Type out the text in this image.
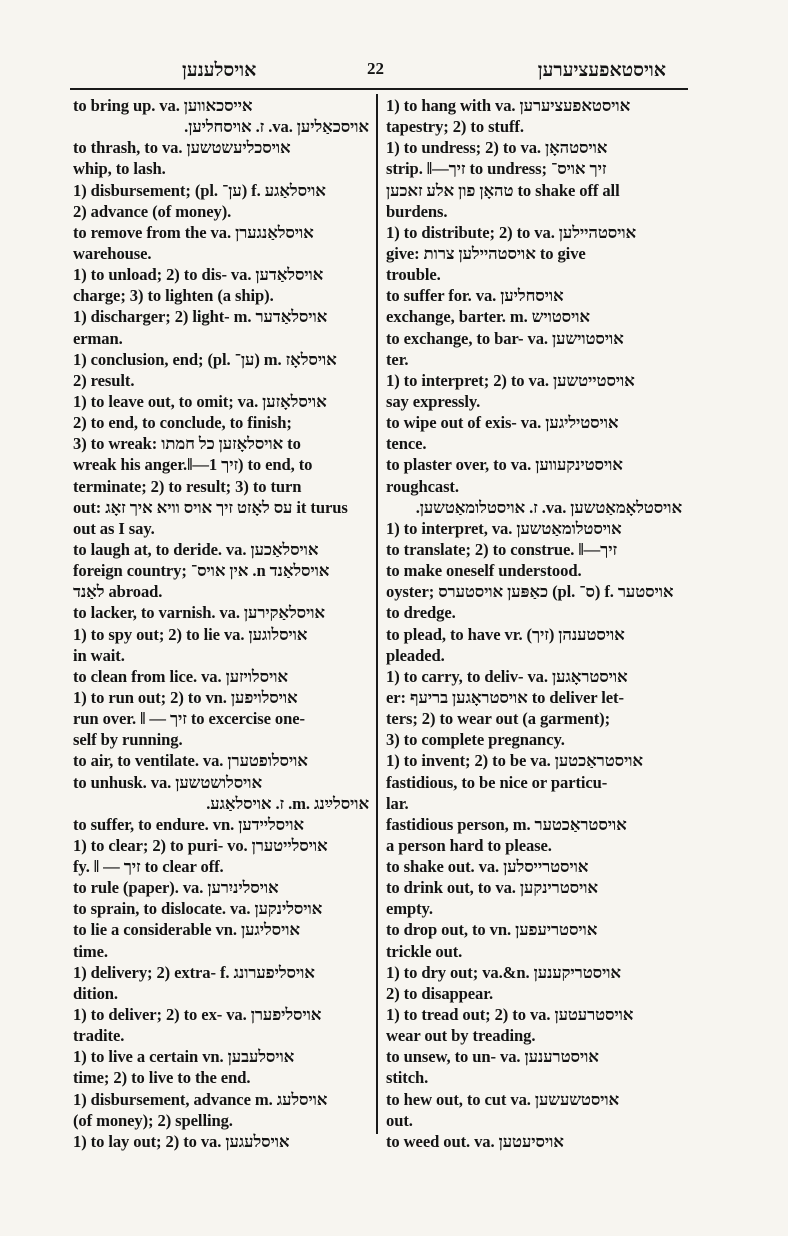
אויסלענען	22	אויסטאפעציערען
to bring up. va. אייסכאווען
אויסכאַליען .va. ז. אויסחליען.
to thrash, to va. אויסכליעשטשען
whip, to lash.
1) disbursement; (pl. ען־) f. אויסלאַגע
2) advance (of money).
to remove from the va. אויסלאַנגערן
warehouse.
1) to unload; 2) to dis- va. אויסלאַדען
charge; 3) to lighten (a ship).
1) discharger; 2) light- m. אויסלאַדער
erman.
1) conclusion, end; (pl. ען־) m. אויסלאָז
2) result.
1) to leave out, to omit; va. אויסלאָזען
2) to end, to conclude, to finish;
3) to wreak: אויסלאָזען כל חמתו to
wreak his anger.‖—זיך 1) to end, to
terminate; 2) to result; 3) to turn
out: עס לאָזט זיך אויס וויא איך זאָג it turus
out as I say.
to laugh at, to deride. va. אויסלאַכען
foreign country; אין אויס־ .n אויסלאַנד
לאַנד abroad.
to lacker, to varnish. va. אויסלאַקירען
1) to spy out; 2) to lie va. אויסלוגען
in wait.
to clean from lice. va. אויסלויזען
1) to run out; 2) to vn. אויסלויפען
run over. ‖ — זיך to excercise one-
self by running.
to air, to ventilate. va. אויסלופטערן
to unhusk. va. אויסלושטשען
אויסלײַנג .m. ז. אויסלאַגע.
to suffer, to endure. vn. אויסליידען
1) to clear; 2) to puri- vo. אויסלייטערן
fy. ‖ — זיך to clear off.
to rule (paper). va. אויסליניִרען
to sprain, to dislocate. va. אויסלינקען
to lie a considerable vn. אויסליגען
time.
1) delivery; 2) extra- f. אויסליפערונג
dition.
1) to deliver; 2) to ex- va. אויסליפערן
tradite.
1) to live a certain vn. אויסלעבען
time; 2) to live to the end.
1) disbursement, advance m. אויסלעג
(of money); 2) spelling.
1) to lay out; 2) to va. אויסלעגען
1) to hang with va. אויסטאפעציערען
tapestry; 2) to stuff.
1) to undress; 2) to va. אויסטהאָן
strip. ‖—זיך to undress; זיך אויס־
טהאָן פון אלע זאכען to shake off all
burdens.
1) to distribute; 2) to va. אויסטהיילען
give: אויסטהיילען צרות to give
trouble.
to suffer for. va. אויסחליען
exchange, barter. m. אויסטויש
to exchange, to bar- va. אויסטוישען
ter.
1) to interpret; 2) to va. אויסטייטשען
say expressly.
to wipe out of exis- va. אויסטיליגען
tence.
to plaster over, to va. אויסטינקעווען
roughcast.
אויסטלאָמאַטשען .va. ז. אויסטלומאַטשען.
1) to interpret, va. אויסטלומאַטשען
to translate; 2) to construe. ‖—זיך
to make oneself understood.
oyster; כאַפּען אויסטערס (pl. ס־) f. אויסטער
to dredge.
to plead, to have vr. (זיך) אויסטענהן
pleaded.
1) to carry, to deliv- va. אויסטראָגען
er: אויסטראָגען בריעף to deliver let-
ters; 2) to wear out (a garment);
3) to complete pregnancy.
1) to invent; 2) to be va. אויסטראַכטען
fastidious, to be nice or particu-
lar.
fastidious person, m. אויסטראַכטער
a person hard to please.
to shake out. va. אויסטרייסלען
to drink out, to va. אויסטרינקען
empty.
to drop out, to vn. אויסטריעפען
trickle out.
1) to dry out; va.&n. אויסטריקענען
2) to disappear.
1) to tread out; 2) to va. אויסטרעטען
wear out by treading.
to unsew, to un- va. אויסטרענען
stitch.
to hew out, to cut va. אויסטשעשען
out.
to weed out. va. אויסיעטען
